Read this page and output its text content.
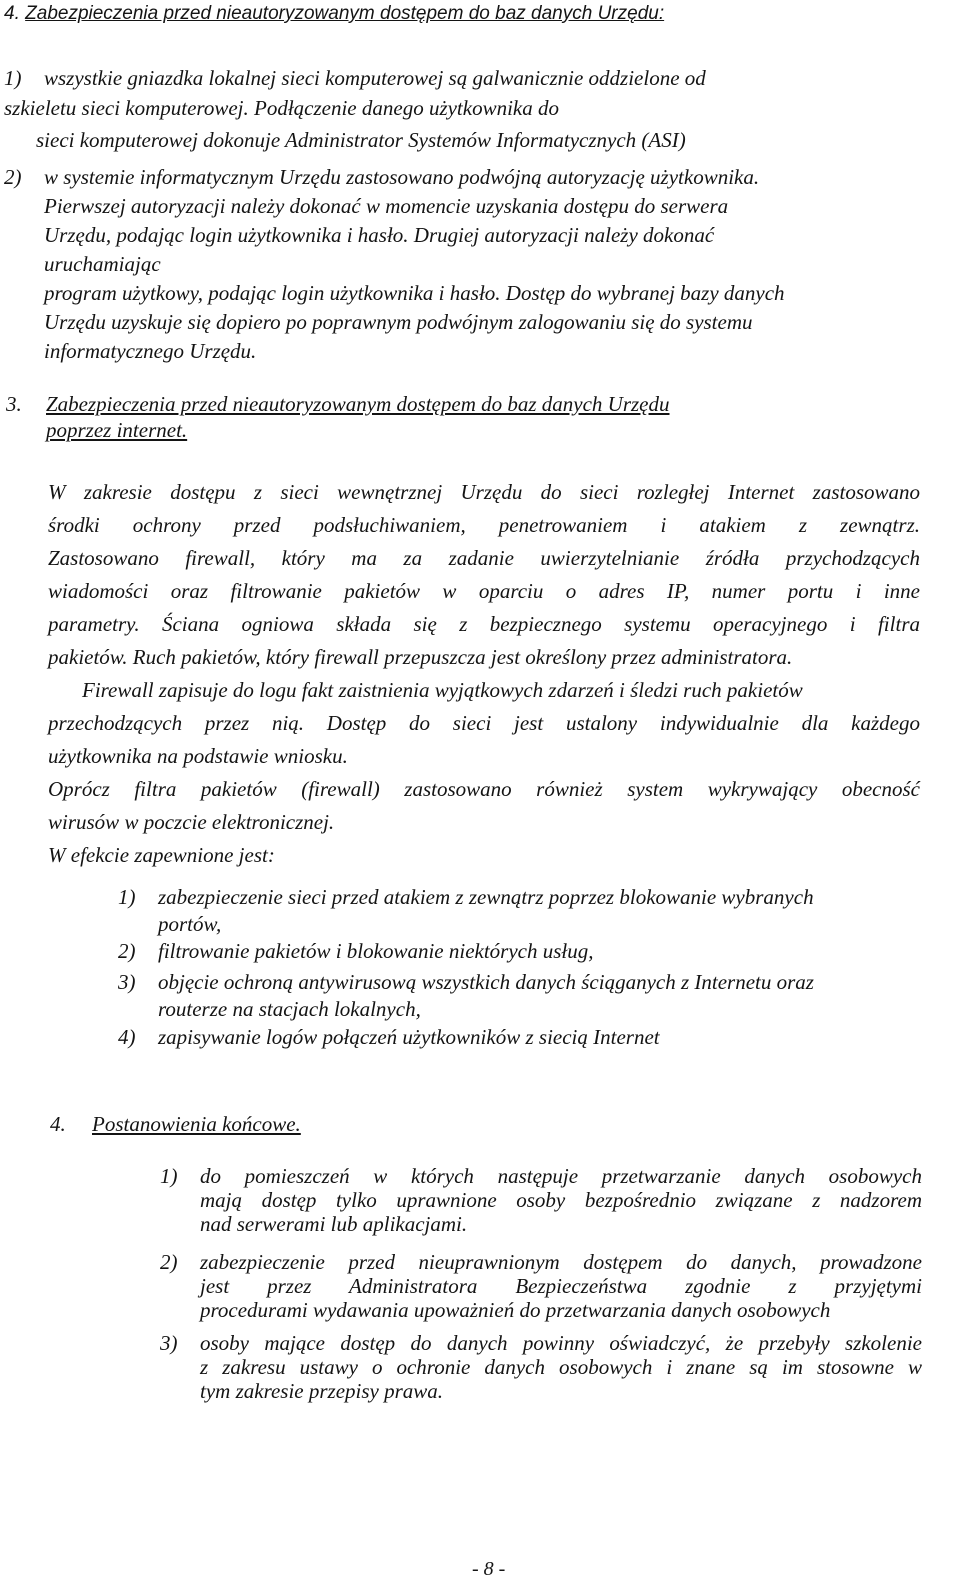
4. Zabezpieczenia przed nieautoryzowanym dostępem do baz danych Urzędu:
1) wszystkie gniazdka lokalnej sieci komputerowej są galwanicznie oddzielone od

szkieletu sieci komputerowej. Podłączenie danego użytkownika do

sieci komputerowej dokonuje Administrator Systemów Informatycznych (ASI)

2) w systemie informatycznym Urzędu zastosowano podwójną autoryzację użytkownika.

Pierwszej autoryzacji należy dokonać w momencie uzyskania dostępu do serwera

Urzędu, podając login użytkownika i hasło. Drugiej autoryzacji należy dokonać

uruchamiając

program użytkowy, podając login użytkownika i hasło. Dostęp do wybranej bazy danych

Urzędu uzyskuje się dopiero po poprawnym podwójnym zalogowaniu się do systemu

informatycznego Urzędu.

3. Zabezpieczenia przed nieautoryzowanym dostępem do baz danych Urzędu

poprzez internet.

W zakresie dostępu z sieci wewnętrznej Urzędu do sieci rozległej Internet zastosowano

środki ochrony przed podsłuchiwaniem, penetrowaniem i atakiem z zewnątrz.

Zastosowano firewall, który ma za zadanie uwierzytelnianie źródła przychodzących

wiadomości oraz filtrowanie pakietów w oparciu o adres IP, numer portu i inne

parametry. Ściana ogniowa składa się z bezpiecznego systemu operacyjnego i filtra

pakietów. Ruch pakietów, który firewall przepuszcza jest określony przez administratora.

Firewall zapisuje do logu fakt zaistnienia wyjątkowych zdarzeń i śledzi ruch pakietów

przechodzących przez nią. Dostęp do sieci jest ustalony indywidualnie dla każdego

użytkownika na podstawie wniosku.

Oprócz filtra pakietów (firewall) zastosowano również system wykrywający obecność

wirusów w poczcie elektronicznej.

W efekcie zapewnione jest:

1) zabezpieczenie sieci przed atakiem z zewnątrz poprzez blokowanie wybranych

portów,

2) filtrowanie pakietów i blokowanie niektórych usług,

3) objęcie ochroną antywirusową wszystkich danych ściąganych z Internetu oraz

routerze na stacjach lokalnych,

4) zapisywanie logów połączeń użytkowników z siecią Internet

4. Postanowienia końcowe.

1) do pomieszczeń w których następuje przetwarzanie danych osobowych

mają dostęp tylko uprawnione osoby bezpośrednio związane z nadzorem

nad serwerami lub aplikacjami.

2) zabezpieczenie przed nieuprawnionym dostępem do danych, prowadzone

jest przez Administratora Bezpieczeństwa zgodnie z przyjętymi

procedurami wydawania upoważnień do przetwarzania danych osobowych

3) osoby mające dostęp do danych powinny oświadczyć, że przebyły szkolenie

z zakresu ustawy o ochronie danych osobowych i znane są im stosowne w

tym zakresie przepisy prawa.

- 8 -
